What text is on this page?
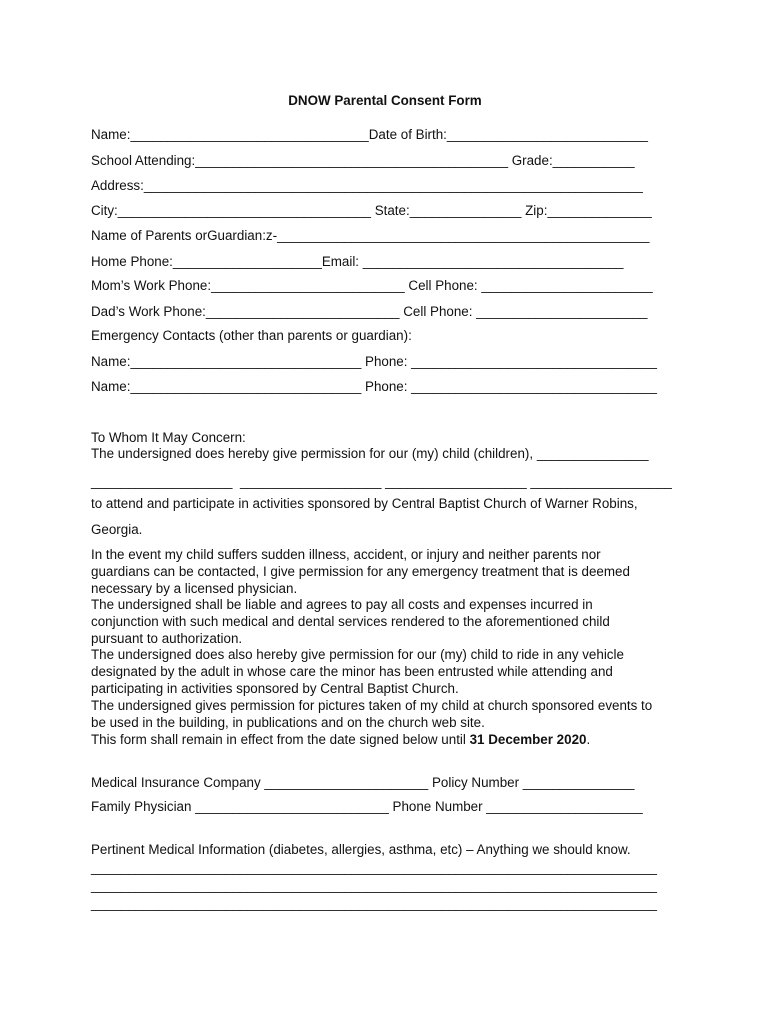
DNOW Parental Consent Form
Name:________________________________Date of Birth:___________________________
School Attending:__________________________________________ Grade:___________
Address:___________________________________________________________________
City:__________________________________ State:_______________ Zip:______________
Name of Parents orGuardian:z-__________________________________________________
Home Phone:____________________Email: ___________________________________
Mom’s Work Phone:__________________________ Cell Phone: _______________________
Dad’s Work Phone:__________________________ Cell Phone: _______________________
Emergency Contacts (other than parents or guardian):
Name:_______________________________ Phone: _________________________________
Name:_______________________________ Phone: _________________________________
To Whom It May Concern:
The undersigned does hereby give permission for our (my) child (children), _______________
___________________  ___________________ ___________________ ___________________
to attend and participate in activities sponsored by Central Baptist Church of Warner Robins,
Georgia.
In the event my child suffers sudden illness, accident, or injury and neither parents nor
guardians can be contacted, I give permission for any emergency treatment that is deemed
necessary by a licensed physician.
The undersigned shall be liable and agrees to pay all costs and expenses incurred in
conjunction with such medical and dental services rendered to the aforementioned child
pursuant to authorization.
The undersigned does also hereby give permission for our (my) child to ride in any vehicle
designated by the adult in whose care the minor has been entrusted while attending and
participating in activities sponsored by Central Baptist Church.
The undersigned gives permission for pictures taken of my child at church sponsored events to
be used in the building, in publications and on the church web site.
This form shall remain in effect from the date signed below until 31 December 2020.
Medical Insurance Company ______________________ Policy Number _______________
Family Physician __________________________ Phone Number _____________________
Pertinent Medical Information (diabetes, allergies, asthma, etc) – Anything we should know.
____________________________________________________________________________
____________________________________________________________________________
____________________________________________________________________________
